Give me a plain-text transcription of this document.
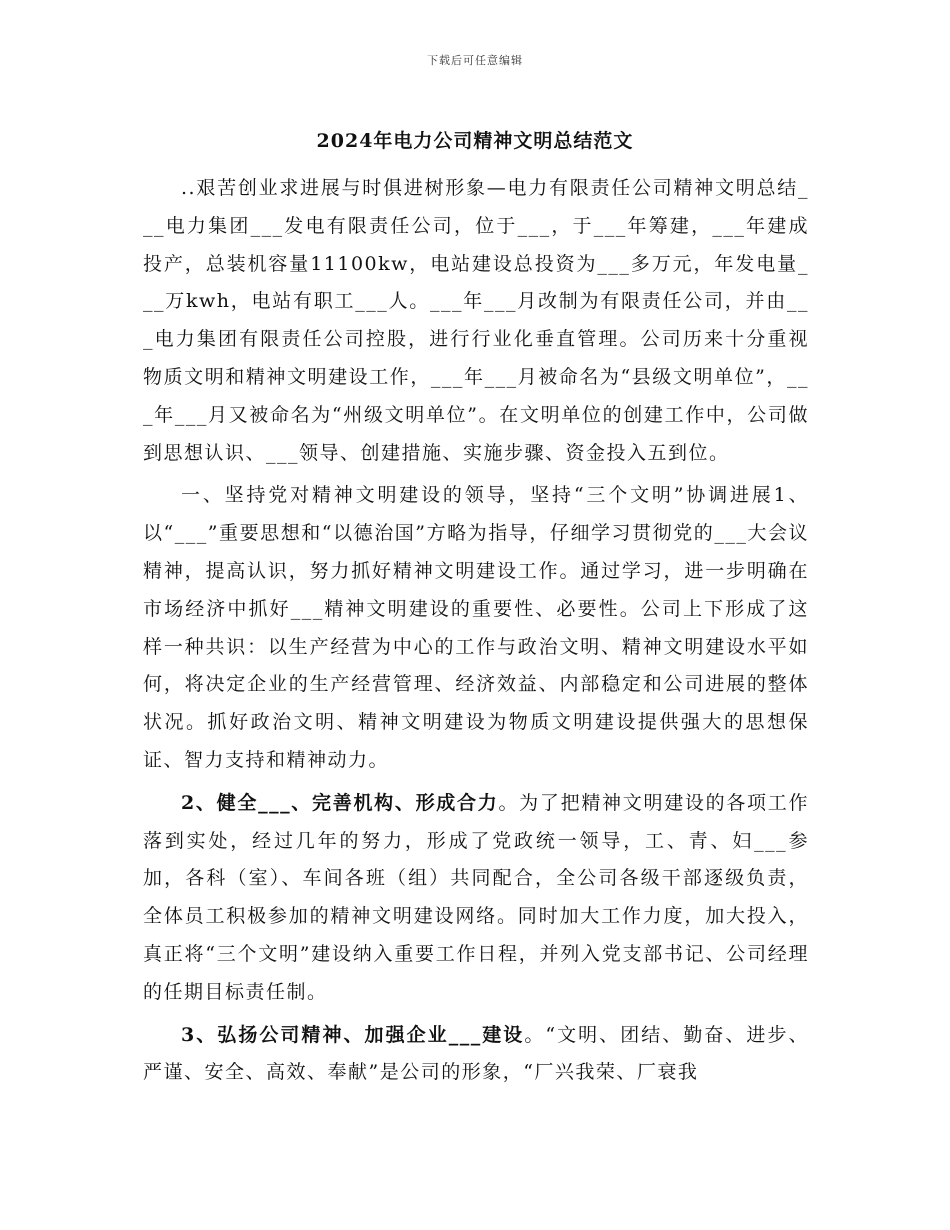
下载后可任意编辑
2024年电力公司精神文明总结范文

..艰苦创业求进展与时俱进树形象—电力有限责任公司精神文明总结___电力集团___发电有限责任公司，位于___，于___年筹建，___年建成投产，总装机容量11100kw，电站建设总投资为___多万元，年发电量___万kwh，电站有职工___人。___年___月改制为有限责任公司，并由___电力集团有限责任公司控股，进行行业化垂直管理。公司历来十分重视物质文明和精神文明建设工作，___年___月被命名为“县级文明单位”，___年___月又被命名为“州级文明单位”。在文明单位的创建工作中，公司做到思想认识、___领导、创建措施、实施步骤、资金投入五到位。

一、坚持党对精神文明建设的领导，坚持“三个文明”协调进展1、以“___”重要思想和“以德治国”方略为指导，仔细学习贯彻党的___大会议精神，提高认识，努力抓好精神文明建设工作。通过学习，进一步明确在市场经济中抓好___精神文明建设的重要性、必要性。公司上下形成了这样一种共识：以生产经营为中心的工作与政治文明、精神文明建设水平如何，将决定企业的生产经营管理、经济效益、内部稳定和公司进展的整体状况。抓好政治文明、精神文明建设为物质文明建设提供强大的思想保证、智力支持和精神动力。

2、健全___、完善机构、形成合力。为了把精神文明建设的各项工作落到实处，经过几年的努力，形成了党政统一领导，工、青、妇___参加，各科（室）、车间各班（组）共同配合，全公司各级干部逐级负责，全体员工积极参加的精神文明建设网络。同时加大工作力度，加大投入，真正将“三个文明”建设纳入重要工作日程，并列入党支部书记、公司经理的任期目标责任制。

3、弘扬公司精神、加强企业___建设。“文明、团结、勤奋、进步、严谨、安全、高效、奉献”是公司的形象，“厂兴我荣、厂衰我
